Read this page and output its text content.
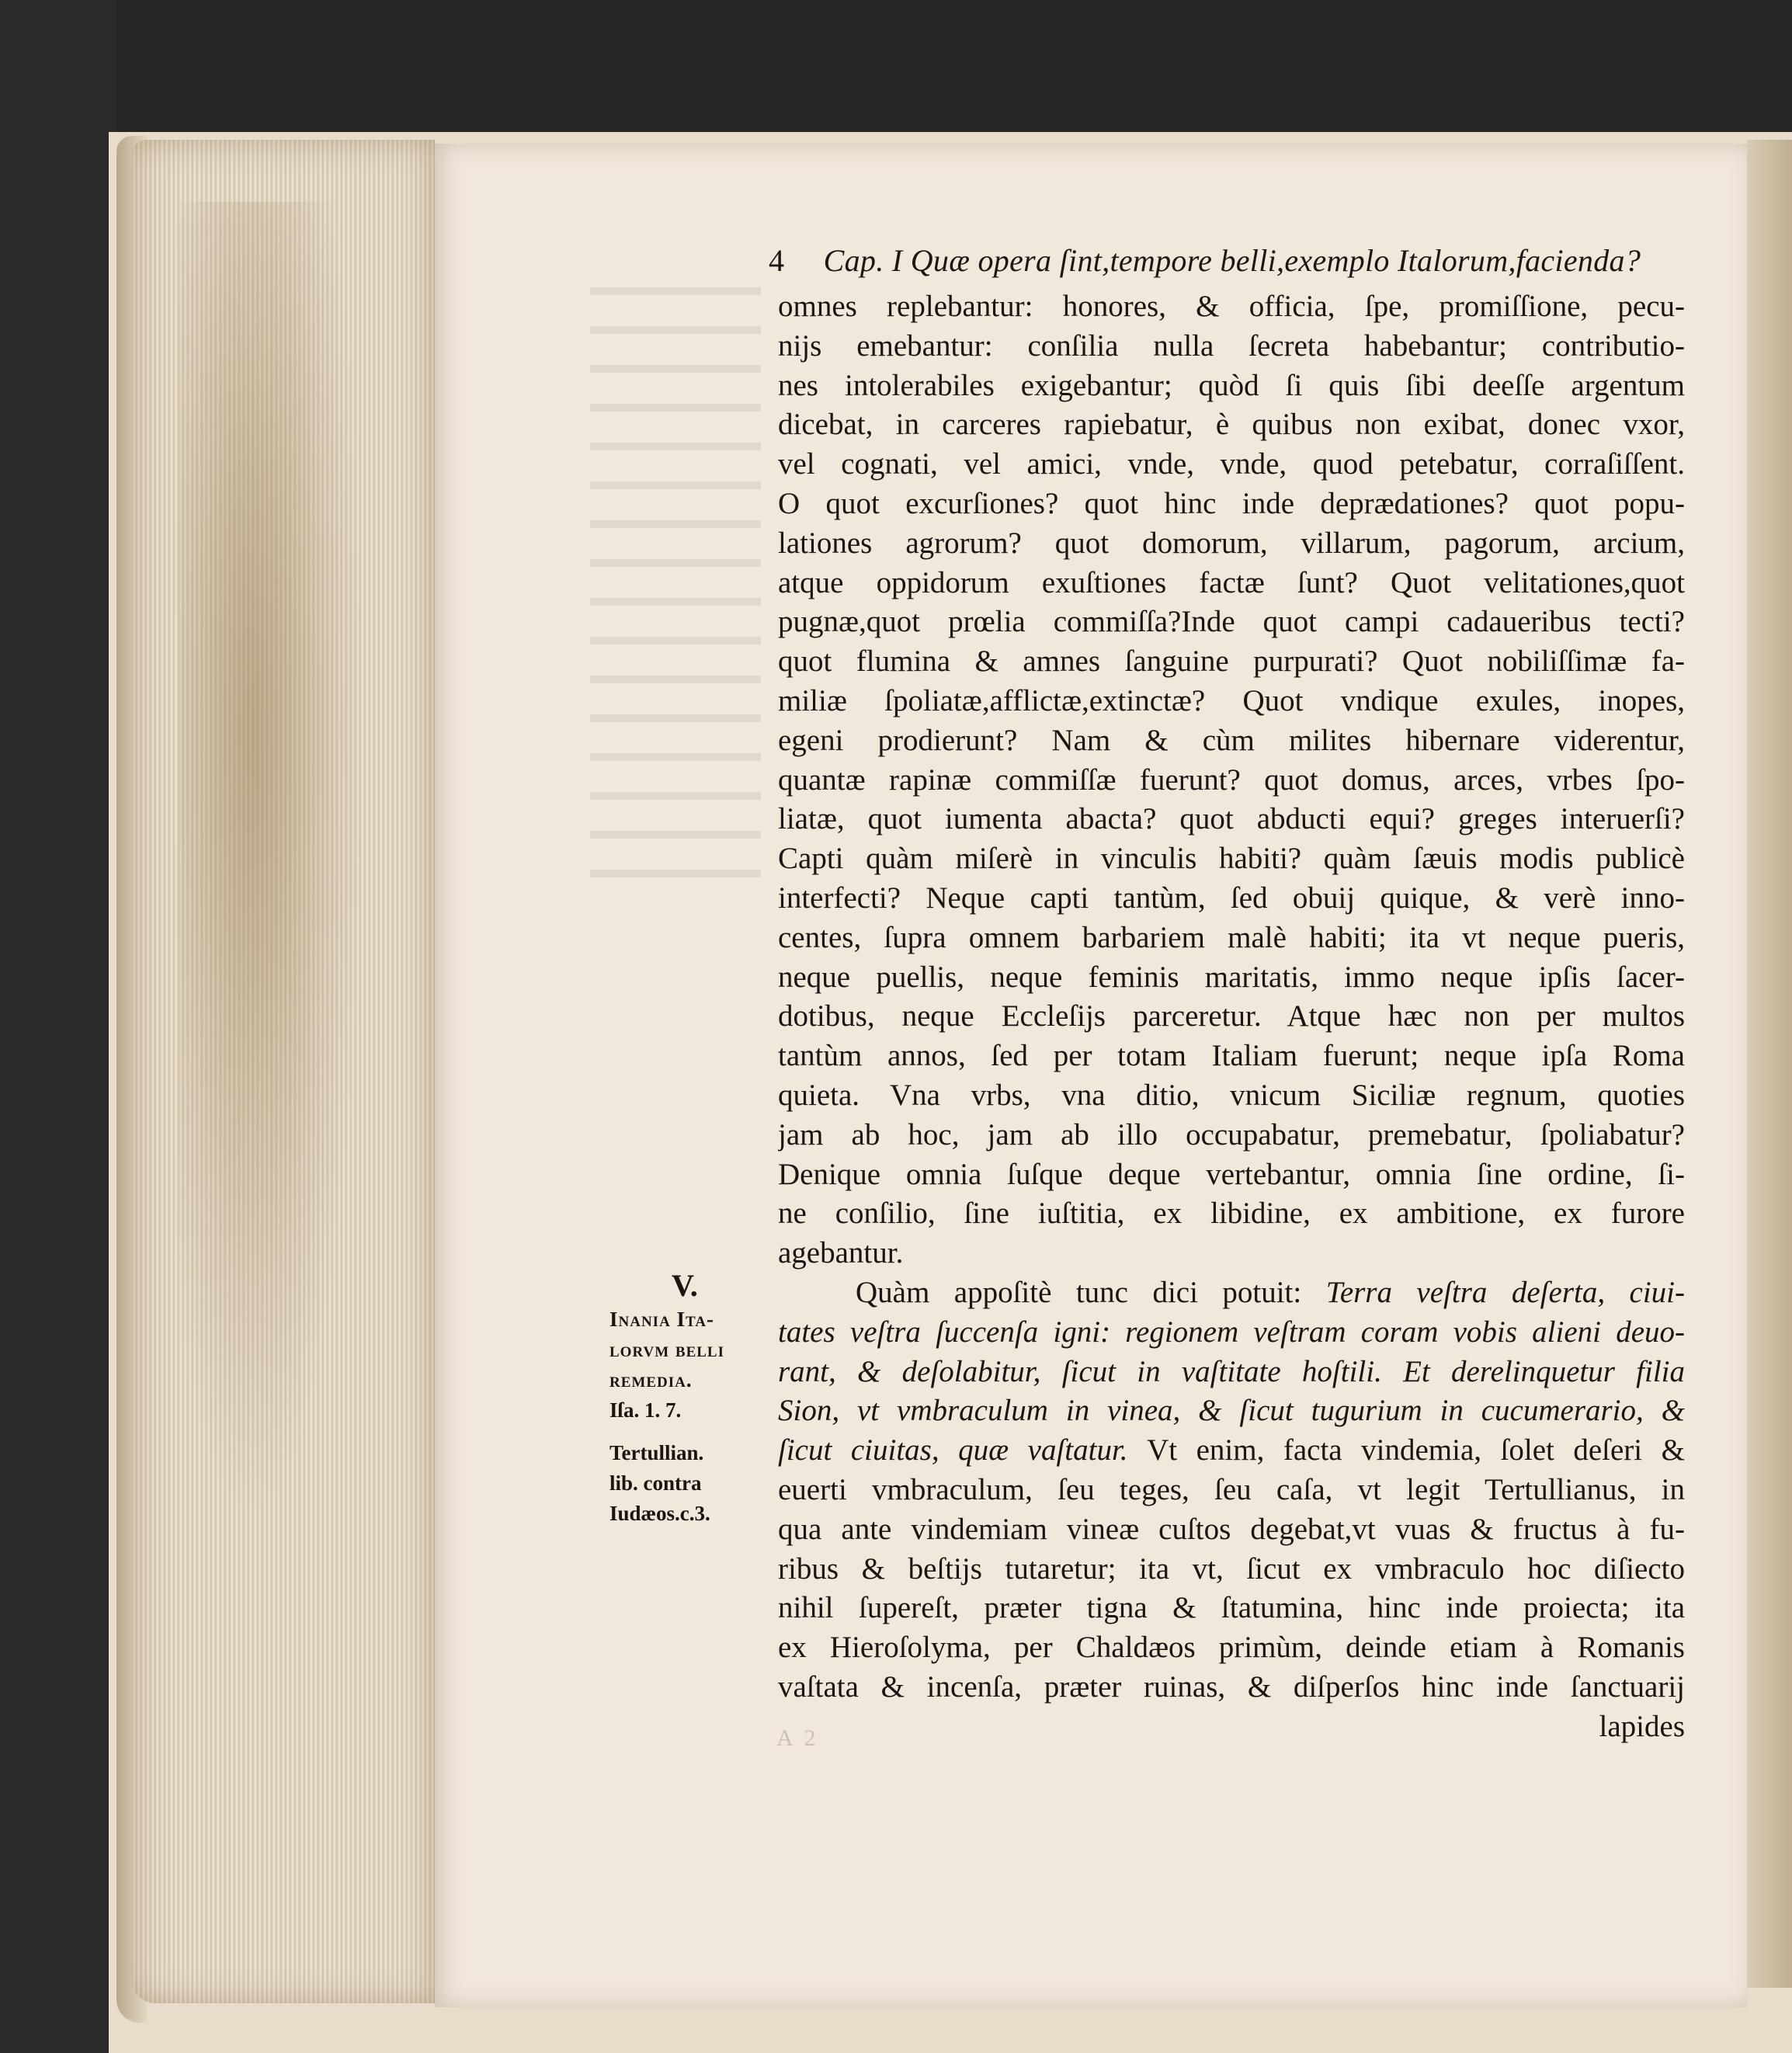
4 Cap. I Quæ opera ſint,tempore belli,exemplo Italorum,facienda?
omnes replebantur: honores, & officia, ſpe, promiſſione, pecu-
nijs emebantur: conſilia nulla ſecreta habebantur; contributio-
nes intolerabiles exigebantur; quòd ſi quis ſibi deeſſe argentum
dicebat, in carceres rapiebatur, è quibus non exibat, donec vxor,
vel cognati, vel amici, vnde, vnde, quod petebatur, corraſiſſent.
O quot excurſiones? quot hinc inde deprædationes? quot popu-
lationes agrorum? quot domorum, villarum, pagorum, arcium,
atque oppidorum exuſtiones factæ ſunt? Quot velitationes,quot
pugnæ,quot prœlia commiſſa?Inde quot campi cadaueribus tecti?
quot flumina & amnes ſanguine purpurati? Quot nobiliſſimæ fa-
miliæ ſpoliatæ,afflictæ,extinctæ? Quot vndique exules, inopes,
egeni prodierunt? Nam & cùm milites hibernare viderentur,
quantæ rapinæ commiſſæ fuerunt? quot domus, arces, vrbes ſpo-
liatæ, quot iumenta abacta? quot abducti equi? greges interuerſi?
Capti quàm miſerè in vinculis habiti? quàm ſæuis modis publicè
interfecti? Neque capti tantùm, ſed obuij quique, & verè inno-
centes, ſupra omnem barbariem malè habiti; ita vt neque pueris,
neque puellis, neque feminis maritatis, immo neque ipſis ſacer-
dotibus, neque Eccleſijs parceretur. Atque hæc non per multos
tantùm annos, ſed per totam Italiam fuerunt; neque ipſa Roma
quieta. Vna vrbs, vna ditio, vnicum Siciliæ regnum, quoties
jam ab hoc, jam ab illo occupabatur, premebatur, ſpoliabatur?
Denique omnia ſuſque deque vertebantur, omnia ſine ordine, ſi-
ne conſilio, ſine iuſtitia, ex libidine, ex ambitione, ex furore
agebantur.
Quàm appoſitè tunc dici potuit: Terra veſtra deſerta, ciui-
tates veſtra ſuccenſa igni: regionem veſtram coram vobis alieni deuo-
rant, & deſolabitur, ſicut in vaſtitate hoſtili. Et derelinquetur filia
Sion, vt vmbraculum in vinea, & ſicut tugurium in cucumerario, &
ſicut ciuitas, quæ vaſtatur. Vt enim, facta vindemia, ſolet deſeri &
euerti vmbraculum, ſeu teges, ſeu caſa, vt legit Tertullianus, in
qua ante vindemiam vineæ cuſtos degebat,vt vuas & fructus à fu-
ribus & beſtijs tutaretur; ita vt, ſicut ex vmbraculo hoc diſiecto
nihil ſupereſt, præter tigna & ſtatumina, hinc inde proiecta; ita
ex Hieroſolyma, per Chaldæos primùm, deinde etiam à Romanis
vaſtata & incenſa, præter ruinas, & diſperſos hinc inde ſanctuarij
lapides
V.
Inania Ita-
lorvm belli
remedia.
Iſa. 1. 7.
Tertullian.
lib. contra
Iudæos.c.3.
A 2
